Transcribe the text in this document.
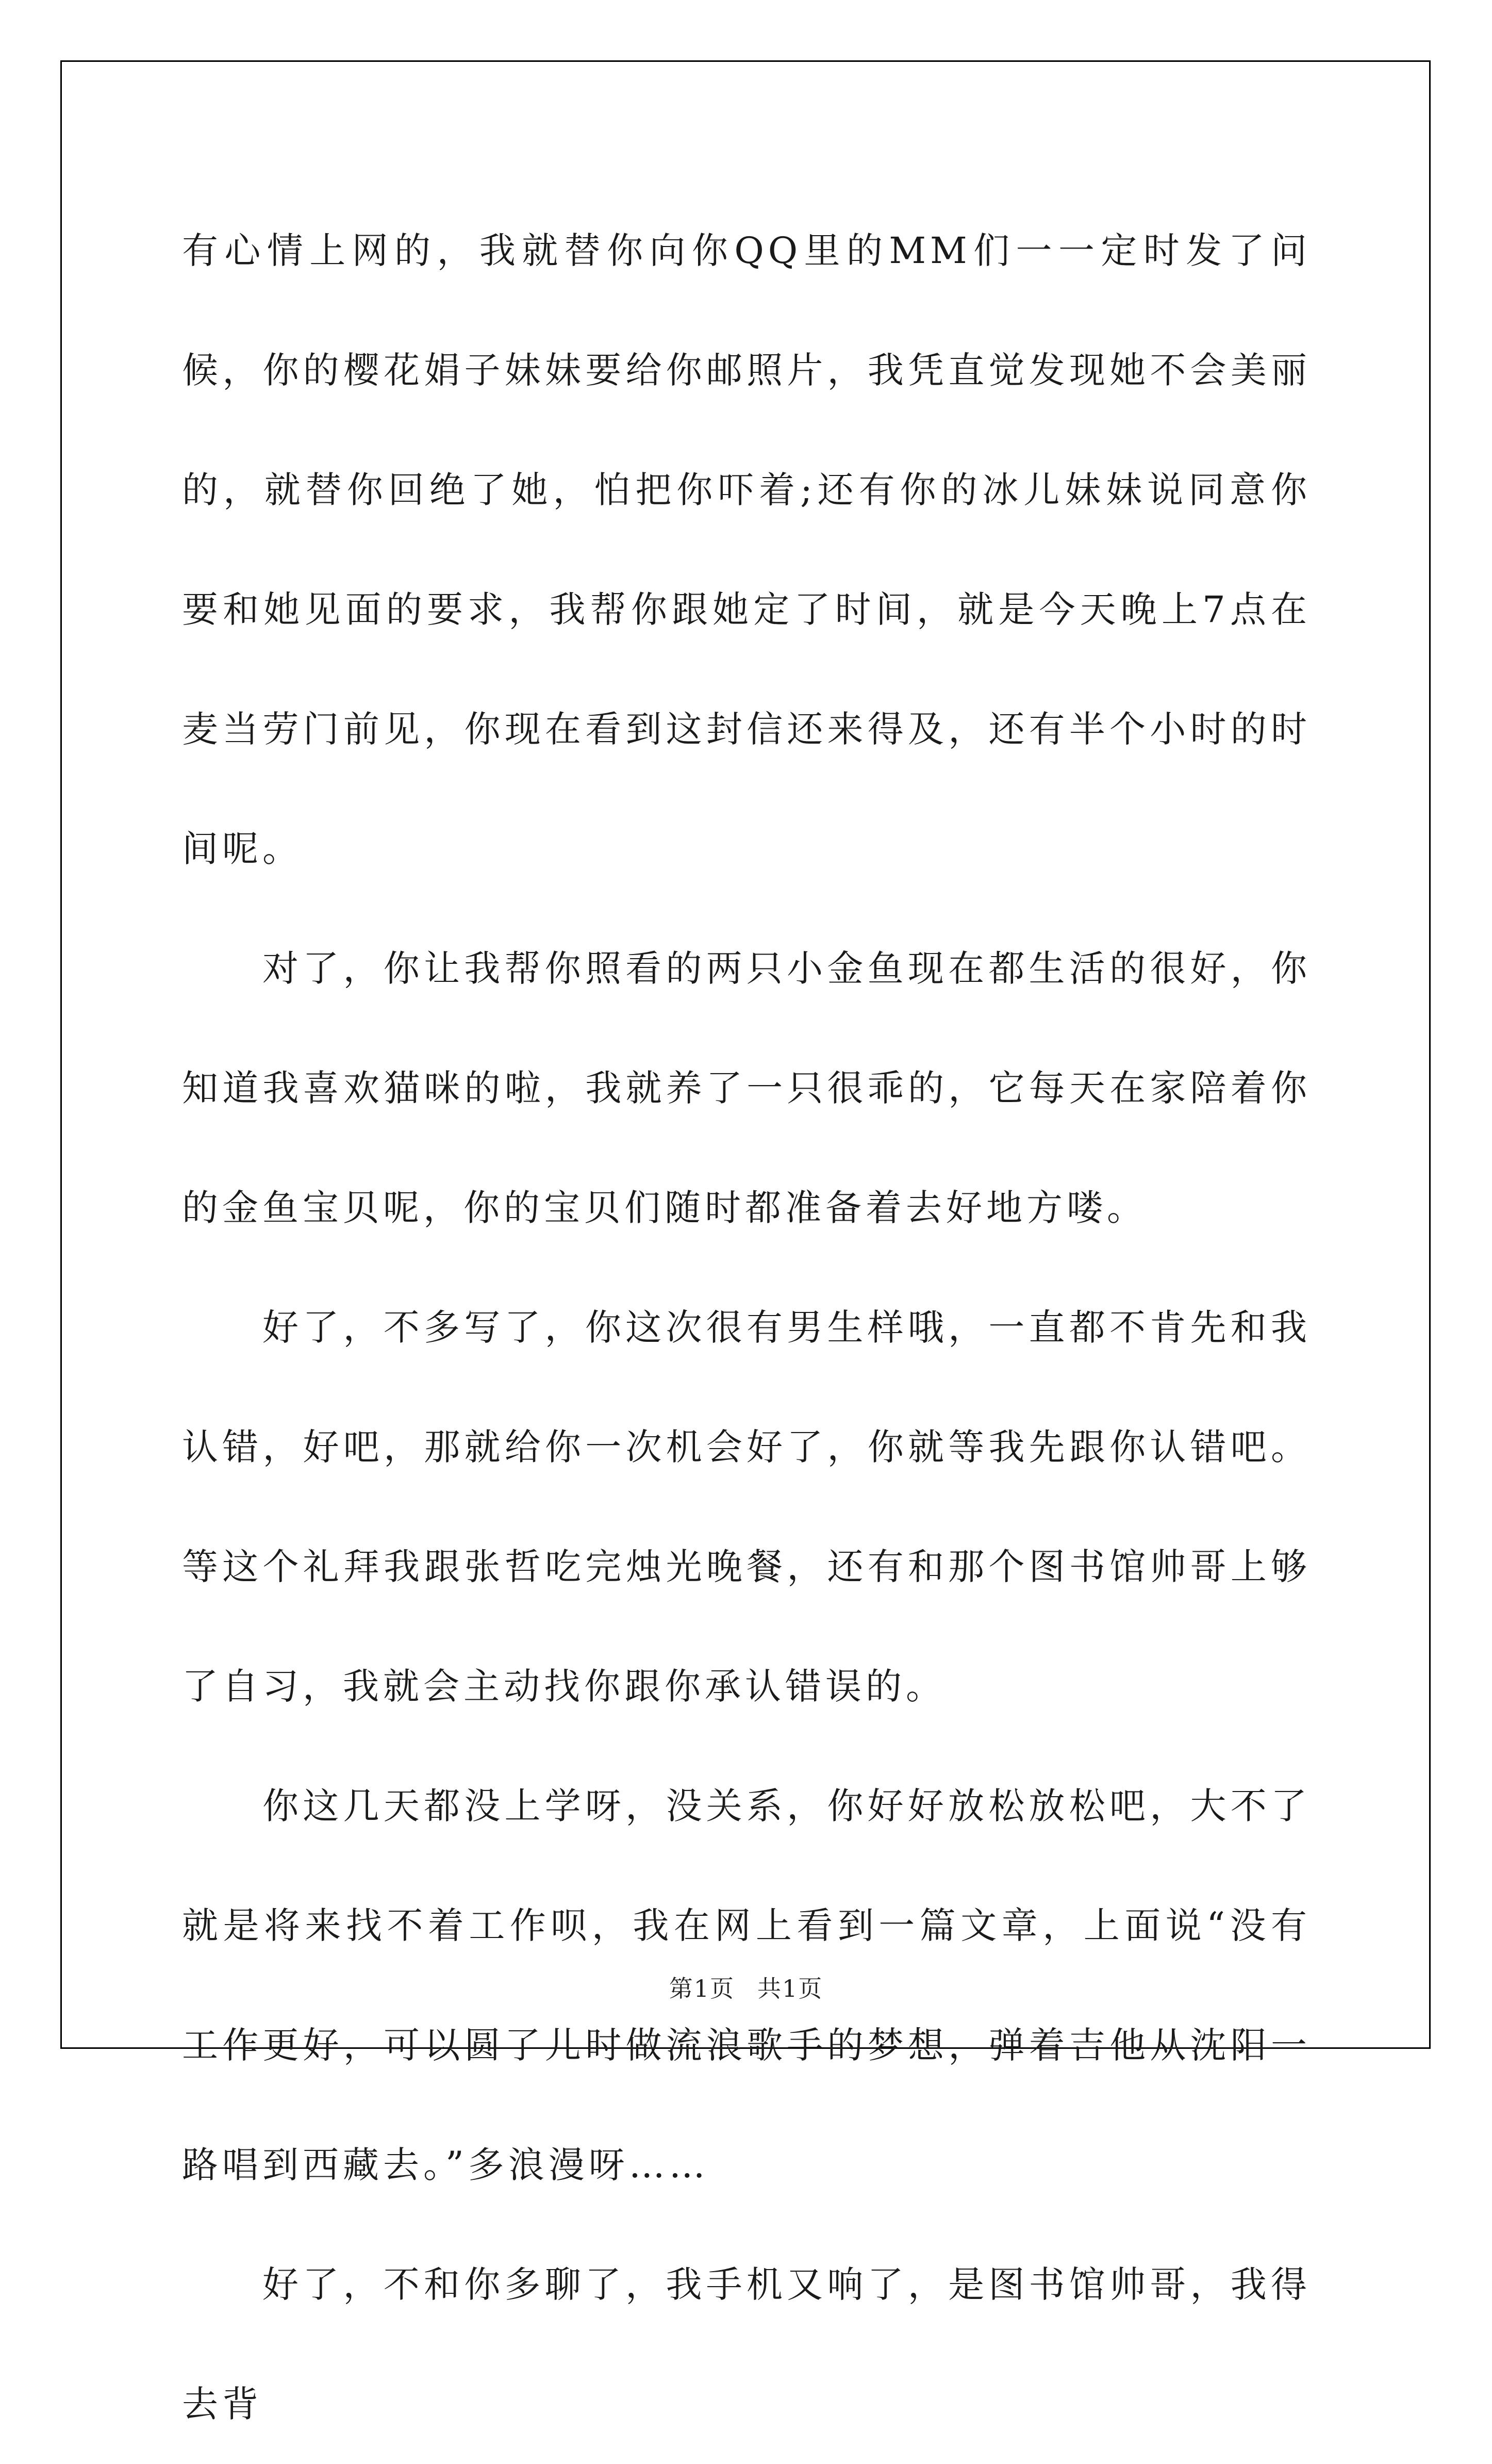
有心情上网的，我就替你向你QQ里的MM们一一定时发了问候，你的樱花娟子妹妹要给你邮照片，我凭直觉发现她不会美丽的，就替你回绝了她，怕把你吓着;还有你的冰儿妹妹说同意你要和她见面的要求，我帮你跟她定了时间，就是今天晚上7点在麦当劳门前见，你现在看到这封信还来得及，还有半个小时的时间呢。

对了，你让我帮你照看的两只小金鱼现在都生活的很好，你知道我喜欢猫咪的啦，我就养了一只很乖的，它每天在家陪着你的金鱼宝贝呢，你的宝贝们随时都准备着去好地方喽。

好了，不多写了，你这次很有男生样哦，一直都不肯先和我认错，好吧，那就给你一次机会好了，你就等我先跟你认错吧。等这个礼拜我跟张哲吃完烛光晚餐，还有和那个图书馆帅哥上够了自习，我就会主动找你跟你承认错误的。

你这几天都没上学呀，没关系，你好好放松放松吧，大不了就是将来找不着工作呗，我在网上看到一篇文章，上面说“没有工作更好，可以圆了儿时做流浪歌手的梦想，弹着吉他从沈阳一路唱到西藏去。”多浪漫呀……

好了，不和你多聊了，我手机又响了，是图书馆帅哥，我得去背

第1页 共1页
